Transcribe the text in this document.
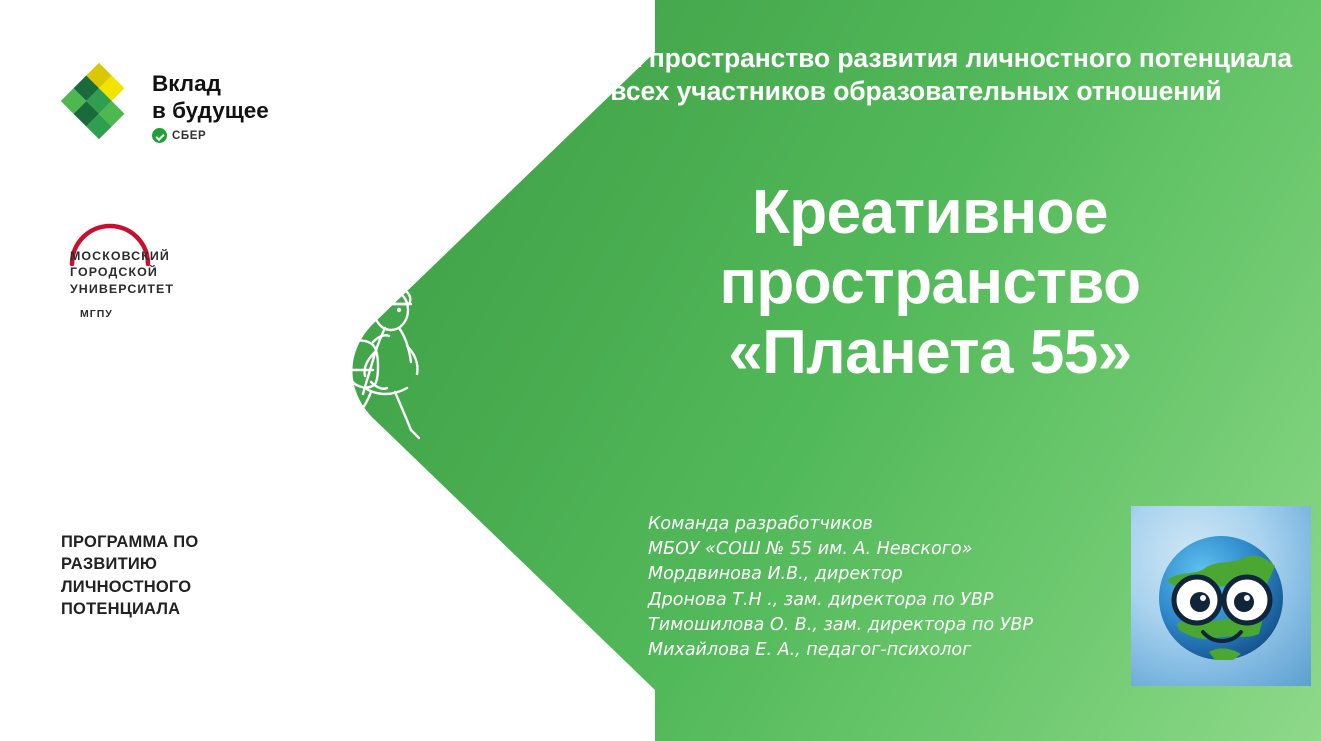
ЛРОС как пространство развития личностного потенциала у всех участников образовательных отношений
Креативное
пространство
«Планета 55»
Команда разработчиков
МБОУ «СОШ № 55 им. А. Невского»
Мордвинова И.В., директор
Дронова Т.Н ., зам. директора по УВР
Тимошилова О. В., зам. директора по УВР
Михайлова Е. А., педагог-психолог
Вклад
в будущее
СБЕР
МОСКОВСКИЙ
ГОРОДСКОЙ
УНИВЕРСИТЕТ
МГПУ
ПРОГРАММА ПО РАЗВИТИЮ ЛИЧНОСТНОГО ПОТЕНЦИАЛА
